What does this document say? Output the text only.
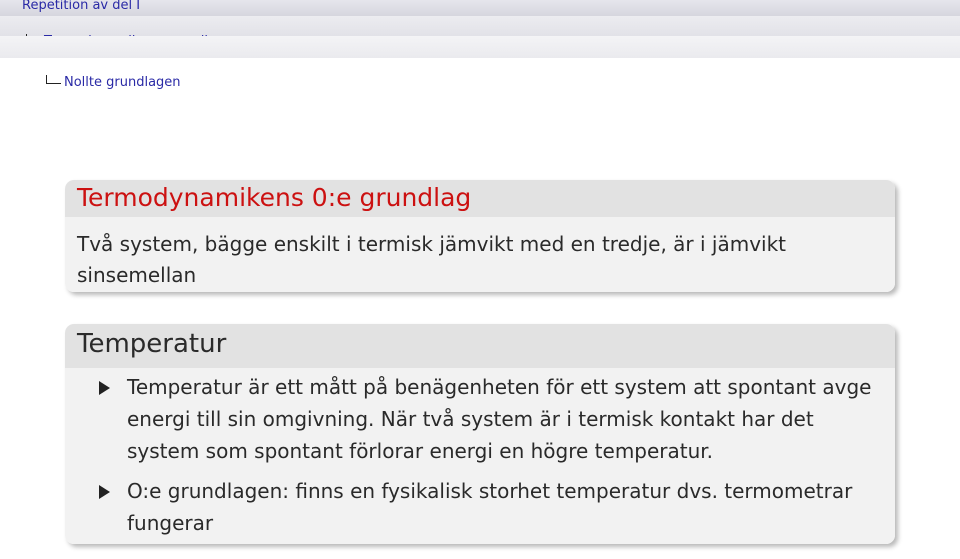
Repetition av del I
Nollte grundlagen
Termodynamikens 0:e grundlag

Två system, bägge enskilt i termisk jämvikt med en tredje, är i jämvikt sinsemellan

Temperatur
Temperatur är ett mått på benägenheten för ett system att spontant avge energi till sin omgivning. När två system är i termisk kontakt har det system som spontant förlorar energi en högre temperatur.
O:e grundlagen: finns en fysikalisk storhet temperatur dvs. termometrar fungerar
